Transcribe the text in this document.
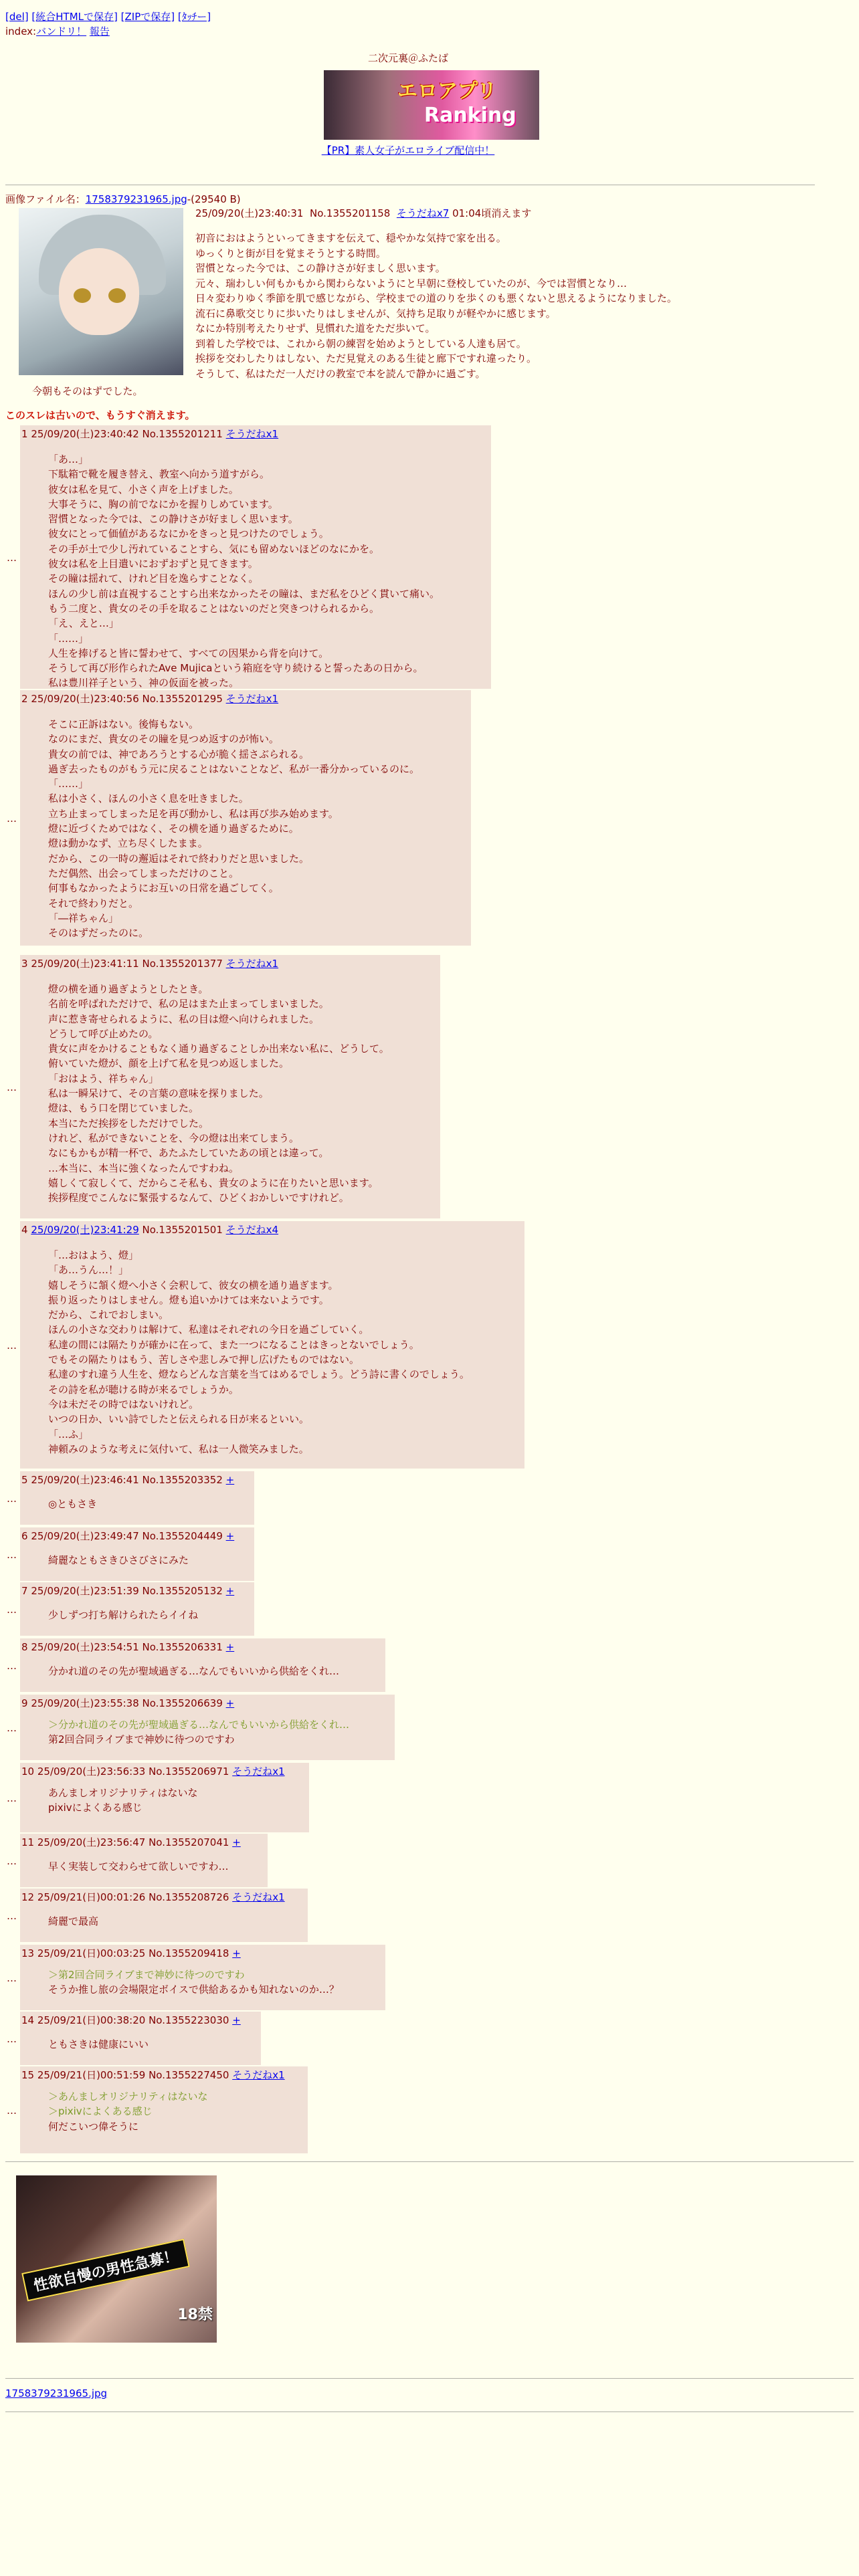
[del] [統合HTMLで保存] [ZIPで保存] [ﾀｯﾁー]
index:バンドリ！ 報告
二次元裏＠ふたば
エロアプリ
Ranking
【PR】素人女子がエロライブ配信中！
画像ファイル名：1758379231965.jpg-(29540 B)
25/09/20(土)23:40:31 No.1355201158 そうだねx7 01:04頃消えます
初音におはようといってきますを伝えて、穏やかな気持で家を出る。
ゆっくりと街が目を覚まそうとする時間。
習慣となった今では、この静けさが好ましく思います。
元々、瑞わしい何もかもから関わらないようにと早朝に登校していたのが、今では習慣となり…
日々変わりゆく季節を肌で感じながら、学校までの道のりを歩くのも悪くないと思えるようになりました。
流石に鼻歌交じりに歩いたりはしませんが、気持ち足取りが軽やかに感じます。
なにか特別考えたりせず、見慣れた道をただ歩いて。
到着した学校では、これから朝の練習を始めようとしている人達も居て。
挨拶を交わしたりはしない、ただ見覚えのある生徒と廊下ですれ違ったり。
そうして、私はただ一人だけの教室で本を読んで静かに過ごす。
今朝もそのはずでした。
このスレは古いので、もうすぐ消えます。
…
1 25/09/20(土)23:40:42 No.1355201211 そうだねx1
「あ…」
下駄箱で靴を履き替え、教室へ向かう道すがら。
彼女は私を見て、小さく声を上げました。
大事そうに、胸の前でなにかを握りしめています。
習慣となった今では、この静けさが好ましく思います。
彼女にとって価値があるなにかをきっと見つけたのでしょう。
その手が土で少し汚れていることすら、気にも留めないほどのなにかを。
彼女は私を上目遣いにおずおずと見てきます。
その瞳は揺れて、けれど目を逸らすことなく。
ほんの少し前は直視することすら出来なかったその瞳は、まだ私をひどく貫いて痛い。
もう二度と、貴女のその手を取ることはないのだと突きつけられるから。
「え、えと…」
「……」
人生を捧げると皆に誓わせて、すべての因果から背を向けて。
そうして再び形作られたAve Mujicaという箱庭を守り続けると誓ったあの日から。
私は豊川祥子という、神の仮面を被った。
…
2 25/09/20(土)23:40:56 No.1355201295 そうだねx1
そこに正訴はない。後悔もない。
なのにまだ、貴女のその瞳を見つめ返すのが怖い。
貴女の前では、神であろうとする心が脆く揺さぶられる。
過ぎ去ったものがもう元に戻ることはないことなど、私が一番分かっているのに。
「……」
私は小さく、ほんの小さく息を吐きました。
立ち止まってしまった足を再び動かし、私は再び歩み始めます。
燈に近づくためではなく、その横を通り過ぎるために。
燈は動かなず、立ち尽くしたまま。
だから、この一時の邂逅はそれで終わりだと思いました。
ただ偶然、出会ってしまっただけのこと。
何事もなかったようにお互いの日常を過ごしてく。
それで終わりだと。
「―祥ちゃん」
そのはずだったのに。
…
3 25/09/20(土)23:41:11 No.1355201377 そうだねx1
燈の横を通り過ぎようとしたとき。
名前を呼ばれただけで、私の足はまた止まってしまいました。
声に惹き寄せられるように、私の目は燈へ向けられました。
どうして呼び止めたの。
貴女に声をかけることもなく通り過ぎることしか出来ない私に、どうして。
俯いていた燈が、顔を上げて私を見つめ返しました。
「おはよう、祥ちゃん」
私は一瞬呆けて、その言葉の意味を探りました。
燈は、もう口を閉じていました。
本当にただ挨拶をしただけでした。
けれど、私ができないことを、今の燈は出来てしまう。
なにもかもが精一杯で、あたふたしていたあの頃とは違って。
…本当に、本当に強くなったんですわね。
嬉しくて寂しくて、だからこそ私も、貴女のように在りたいと思います。
挨拶程度でこんなに緊張するなんて、ひどくおかしいですけれど。
…
4 25/09/20(土)23:41:29 No.1355201501 そうだねx4
「…おはよう、燈」
「あ…うん…！」
嬉しそうに頷く燈へ小さく会釈して、彼女の横を通り過ぎます。
振り返ったりはしません。燈も追いかけては来ないようです。
だから、これでおしまい。
ほんの小さな交わりは解けて、私達はそれぞれの今日を過ごしていく。
私達の間には隔たりが確かに在って、また一つになることはきっとないでしょう。
でもその隔たりはもう、苦しさや悲しみで押し広げたものではない。
私達のすれ違う人生を、燈ならどんな言葉を当てはめるでしょう。どう詩に書くのでしょう。
その詩を私が聴ける時が来るでしょうか。
今は未だその時ではないけれど。
いつの日か、いい詩でしたと伝えられる日が来るといい。
「…ふ」
神頼みのような考えに気付いて、私は一人微笑みました。
…
5 25/09/20(土)23:46:41 No.1355203352 +
◎ともさき
…
6 25/09/20(土)23:49:47 No.1355204449 +
綺麗なともさきひさびさにみた
…
7 25/09/20(土)23:51:39 No.1355205132 +
少しずつ打ち解けられたらイイね
…
8 25/09/20(土)23:54:51 No.1355206331 +
分かれ道のその先が聖域過ぎる…なんでもいいから供給をくれ…
…
9 25/09/20(土)23:55:38 No.1355206639 +
＞分かれ道のその先が聖域過ぎる…なんでもいいから供給をくれ…
第2回合同ライブまで神妙に待つのですわ
…
10 25/09/20(土)23:56:33 No.1355206971 そうだねx1
あんましオリジナリティはないな
pixivによくある感じ
…
11 25/09/20(土)23:56:47 No.1355207041 +
早く実装して交わらせて欲しいですわ…
…
12 25/09/21(日)00:01:26 No.1355208726 そうだねx1
綺麗で最高
…
13 25/09/21(日)00:03:25 No.1355209418 +
＞第2回合同ライブまで神妙に待つのですわ
そうか推し旅の会場限定ボイスで供給あるかも知れないのか…？
…
14 25/09/21(日)00:38:20 No.1355223030 +
ともさきは健康にいい
…
15 25/09/21(日)00:51:59 No.1355227450 そうだねx1
＞あんましオリジナリティはないな
＞pixivによくある感じ
何だこいつ偉そうに
性欲自慢の男性急募！
18禁
1758379231965.jpg
